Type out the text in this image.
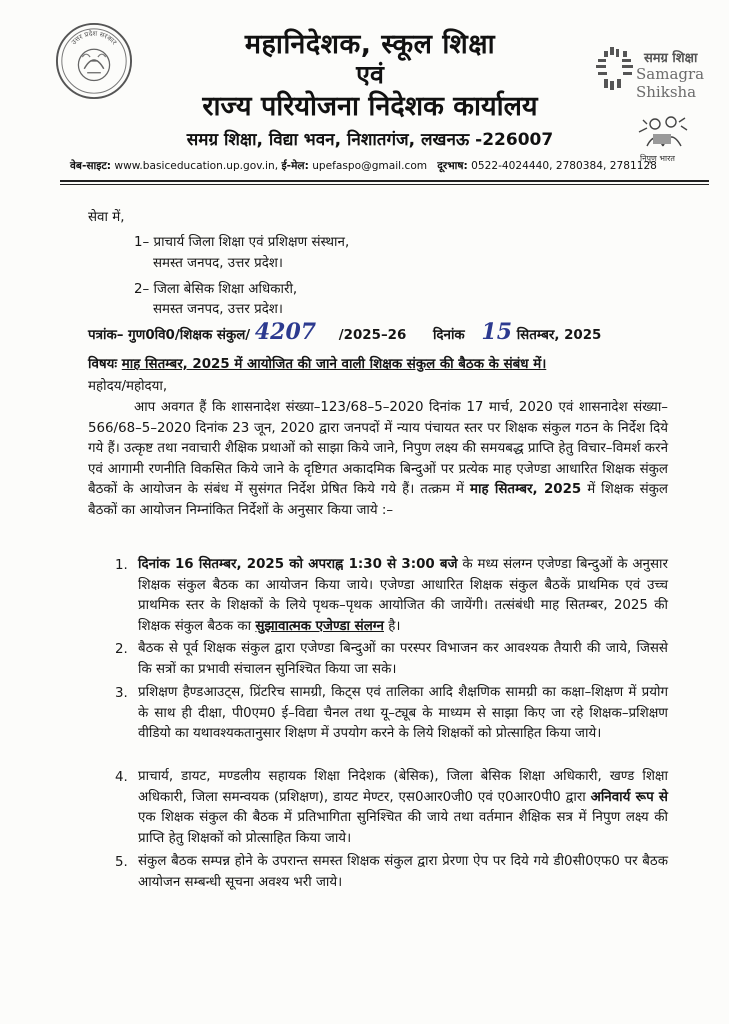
उत्तर प्रदेश सरकार	महानिदेशक, स्कूल शिक्षा
एवं
राज्य परियोजना निदेशक कार्यालय
समग्र शिक्षा, विद्या भवन, निशातगंज, लखनऊ -226007
समग्र शिक्षा
Samagra Shiksha
निपुण भारत
वेब-साइट: www.basiceducation.up.gov.in, ई-मेल: upefaspo@gmail.com दूरभाष: 0522-4024440, 2780384, 2781128
सेवा में,
1– प्राचार्य जिला शिक्षा एवं प्रशिक्षण संस्थान,
समस्त जनपद, उत्तर प्रदेश।
2– जिला बेसिक शिक्षा अधिकारी,
समस्त जनपद, उत्तर प्रदेश।
पत्रांक– गुण0वि0/शिक्षक संकुल/ 4207 /2025–26 दिनांक 15 सितम्बर, 2025
विषयः माह सितम्बर, 2025 में आयोजित की जाने वाली शिक्षक संकुल की बैठक के संबंध में।
महोदय/महोदया,
आप अवगत हैं कि शासनादेश संख्या–123/68–5–2020 दिनांक 17 मार्च, 2020 एवं शासनादेश संख्या– 566/68–5–2020 दिनांक 23 जून, 2020 द्वारा जनपदों में न्याय पंचायत स्तर पर शिक्षक संकुल गठन के निर्देश दिये गये हैं। उत्कृष्ट तथा नवाचारी शैक्षिक प्रथाओं को साझा किये जाने, निपुण लक्ष्य की समयबद्ध प्राप्ति हेतु विचार–विमर्श करने एवं आगामी रणनीति विकसित किये जाने के दृष्टिगत अकादमिक बिन्दुओं पर प्रत्येक माह एजेण्डा आधारित शिक्षक संकुल बैठकों के आयोजन के संबंध में सुसंगत निर्देश प्रेषित किये गये हैं। तत्क्रम में माह सितम्बर, 2025 में शिक्षक संकुल बैठकों का आयोजन निम्नांकित निर्देशों के अनुसार किया जाये :–
1. दिनांक 16 सितम्बर, 2025 को अपराह्न 1:30 से 3:00 बजे के मध्य संलग्न एजेण्डा बिन्दुओं के अनुसार शिक्षक संकुल बैठक का आयोजन किया जाये। एजेण्डा आधारित शिक्षक संकुल बैठकें प्राथमिक एवं उच्च प्राथमिक स्तर के शिक्षकों के लिये पृथक–पृथक आयोजित की जायेंगी। तत्संबंधी माह सितम्बर, 2025 की शिक्षक संकुल बैठक का सुझावात्मक एजेण्डा संलग्न है।
2. बैठक से पूर्व शिक्षक संकुल द्वारा एजेण्डा बिन्दुओं का परस्पर विभाजन कर आवश्यक तैयारी की जाये, जिससे कि सत्रों का प्रभावी संचालन सुनिश्चित किया जा सके।
3. प्रशिक्षण हैण्डआउट्स, प्रिंटरिच सामग्री, किट्स एवं तालिका आदि शैक्षणिक सामग्री का कक्षा–शिक्षण में प्रयोग के साथ ही दीक्षा, पी0एम0 ई–विद्या चैनल तथा यू–ट्यूब के माध्यम से साझा किए जा रहे शिक्षक–प्रशिक्षण वीडियो का यथावश्यकतानुसार शिक्षण में उपयोग करने के लिये शिक्षकों को प्रोत्साहित किया जाये।
4. प्राचार्य, डायट, मण्डलीय सहायक शिक्षा निदेशक (बेसिक), जिला बेसिक शिक्षा अधिकारी, खण्ड शिक्षा अधिकारी, जिला समन्वयक (प्रशिक्षण), डायट मेण्टर, एस0आर0जी0 एवं ए0आर0पी0 द्वारा अनिवार्य रूप से एक शिक्षक संकुल की बैठक में प्रतिभागिता सुनिश्चित की जाये तथा वर्तमान शैक्षिक सत्र में निपुण लक्ष्य की प्राप्ति हेतु शिक्षकों को प्रोत्साहित किया जाये।
5. संकुल बैठक सम्पन्न होने के उपरान्त समस्त शिक्षक संकुल द्वारा प्रेरणा ऐप पर दिये गये डी0सी0एफ0 पर बैठक आयोजन सम्बन्धी सूचना अवश्य भरी जाये।
